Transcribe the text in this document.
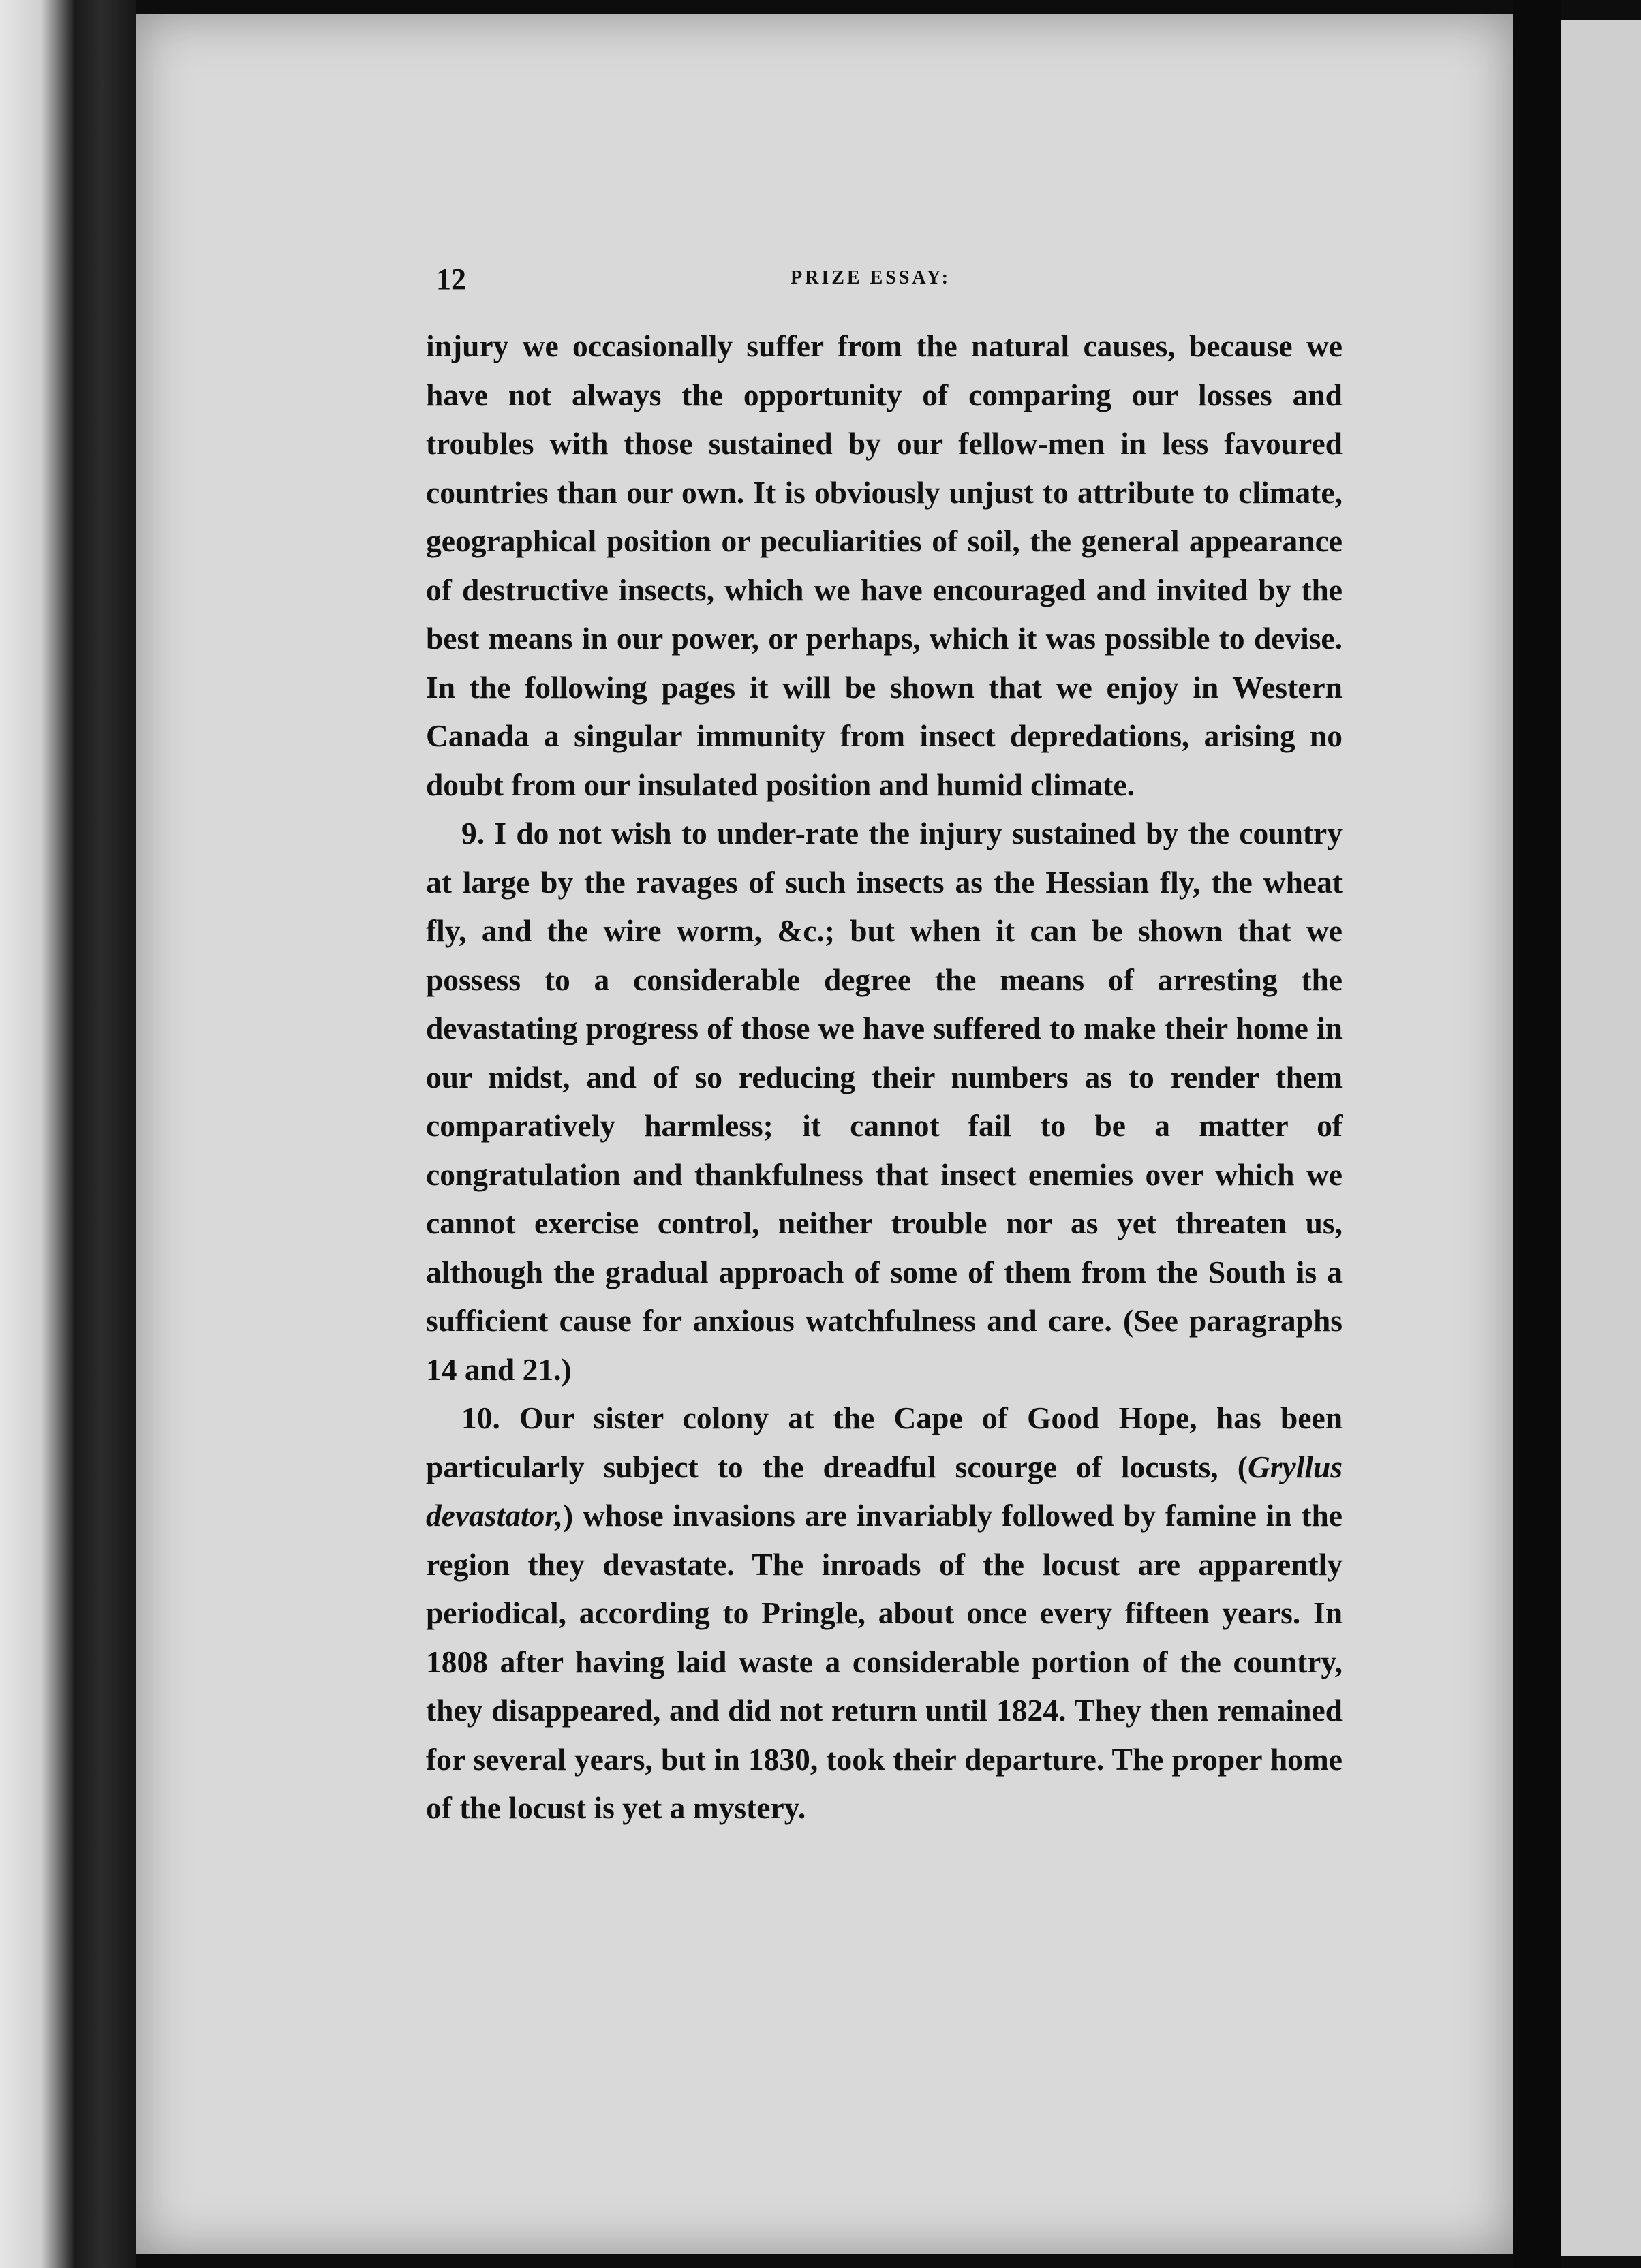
12	PRIZE ESSAY:

injury we occasionally suffer from the natural causes, because we have not always the opportunity of comparing our losses and troubles with those sustained by our fellow-men in less favoured countries than our own. It is obviously unjust to attribute to climate, geographical position or peculiarities of soil, the general appearance of destructive insects, which we have encouraged and invited by the best means in our power, or perhaps, which it was possible to devise. In the following pages it will be shown that we enjoy in Western Canada a singular immunity from insect depredations, arising no doubt from our insulated position and humid climate.

9. I do not wish to under-rate the injury sustained by the country at large by the ravages of such insects as the Hessian fly, the wheat fly, and the wire worm, &c.; but when it can be shown that we possess to a considerable degree the means of arresting the devastating progress of those we have suffered to make their home in our midst, and of so reducing their numbers as to render them comparatively harmless; it cannot fail to be a matter of congratulation and thankfulness that insect enemies over which we cannot exercise control, neither trouble nor as yet threaten us, although the gradual approach of some of them from the South is a sufficient cause for anxious watchfulness and care. (See paragraphs 14 and 21.)

10. Our sister colony at the Cape of Good Hope, has been particularly subject to the dreadful scourge of locusts, (Gryllus devastator,) whose invasions are invariably followed by famine in the region they devastate. The inroads of the locust are apparently periodical, according to Pringle, about once every fifteen years. In 1808 after having laid waste a considerable portion of the country, they disappeared, and did not return until 1824. They then remained for several years, but in 1830, took their departure. The proper home of the locust is yet a mystery.
